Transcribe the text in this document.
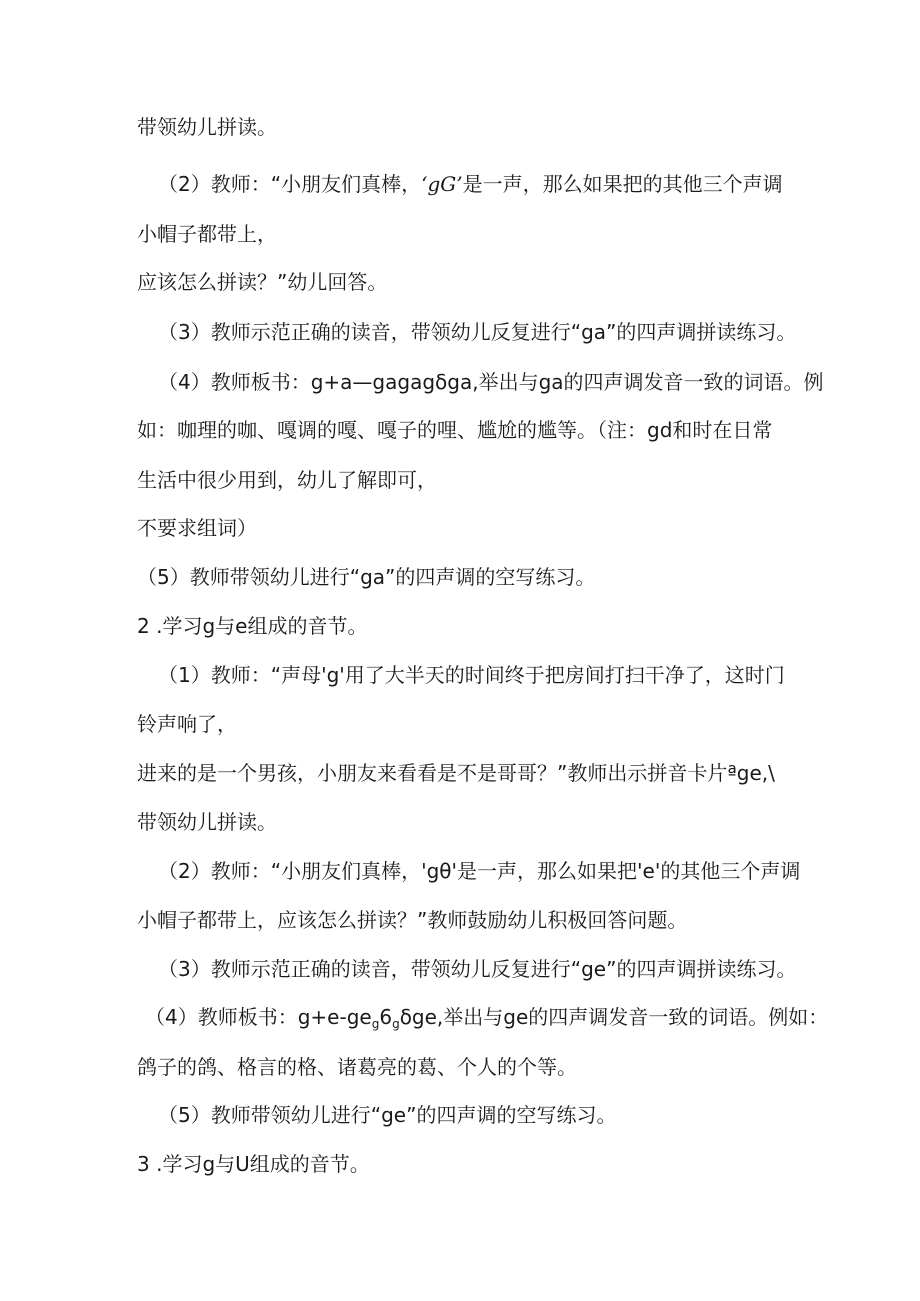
带领幼儿拼读。
（2）教师：“小朋友们真棒，‘gG’是一声，那么如果把的其他三个声调
小帽子都带上，
应该怎么拼读？”幼儿回答。
（3）教师示范正确的读音，带领幼儿反复进行“ga”的四声调拼读练习。
（4）教师板书：g+a—gagagδga,举出与ga的四声调发音一致的词语。例
如：咖理的咖、嘎调的嘎、嘎子的哩、尴尬的尴等。（注：gd和时在日常
生活中很少用到，幼儿了解即可，
不要求组词）
（5）教师带领幼儿进行“ga”的四声调的空写练习。
2 .学习g与e组成的音节。
（1）教师：“声母'g'用了大半天的时间终于把房间打扫干净了，这时门
铃声响了，
进来的是一个男孩，小朋友来看看是不是哥哥？”教师出示拼音卡片ªge,\
带领幼儿拼读。
（2）教师：“小朋友们真棒，'gθ'是一声，那么如果把'e'的其他三个声调
小帽子都带上，应该怎么拼读？”教师鼓励幼儿积极回答问题。
（3）教师示范正确的读音，带领幼儿反复进行“ge”的四声调拼读练习。
（4）教师板书：$g+e-ge_g6_g\delta ge$,举出与ge的四声调发音一致的词语。例如：
鸽子的鸽、格言的格、诸葛亮的葛、个人的个等。
（5）教师带领幼儿进行“ge”的四声调的空写练习。
3 .学习g与U组成的音节。
